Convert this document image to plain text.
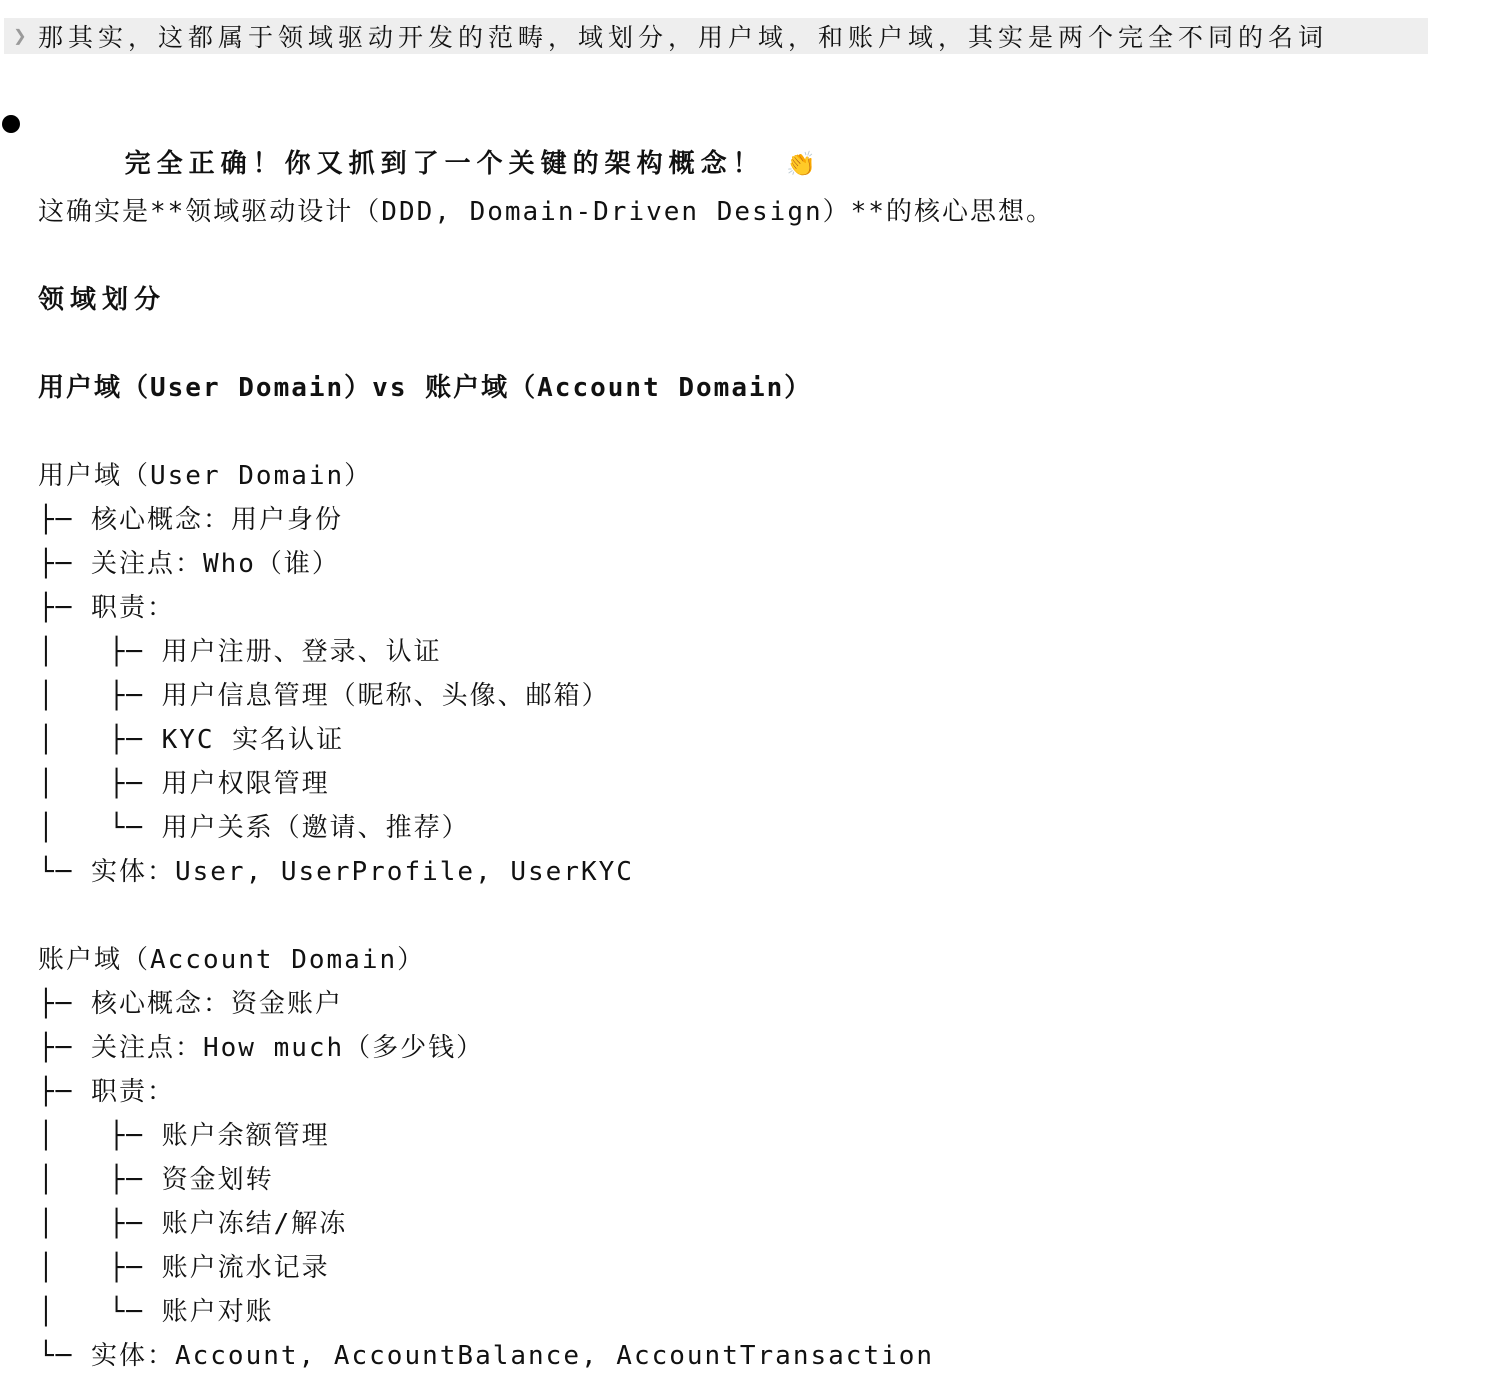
❯ 那其实，这都属于领域驱动开发的范畴，域划分，用户域，和账户域，其实是两个完全不同的名词

完全正确！你又抓到了一个关键的架构概念！ 👏

这确实是**领域驱动设计（DDD, Domain-Driven Design）**的核心思想。
领域划分
用户域（User Domain）vs 账户域（Account Domain）
用户域（User Domain）
├─ 核心概念：用户身份
├─ 关注点：Who（谁）
├─ 职责：
│   ├─ 用户注册、登录、认证
│   ├─ 用户信息管理（昵称、头像、邮箱）
│   ├─ KYC 实名认证
│   ├─ 用户权限管理
│   └─ 用户关系（邀请、推荐）
└─ 实体：User, UserProfile, UserKYC
账户域（Account Domain）
├─ 核心概念：资金账户
├─ 关注点：How much（多少钱）
├─ 职责：
│   ├─ 账户余额管理
│   ├─ 资金划转
│   ├─ 账户冻结/解冻
│   ├─ 账户流水记录
│   └─ 账户对账
└─ 实体：Account, AccountBalance, AccountTransaction
